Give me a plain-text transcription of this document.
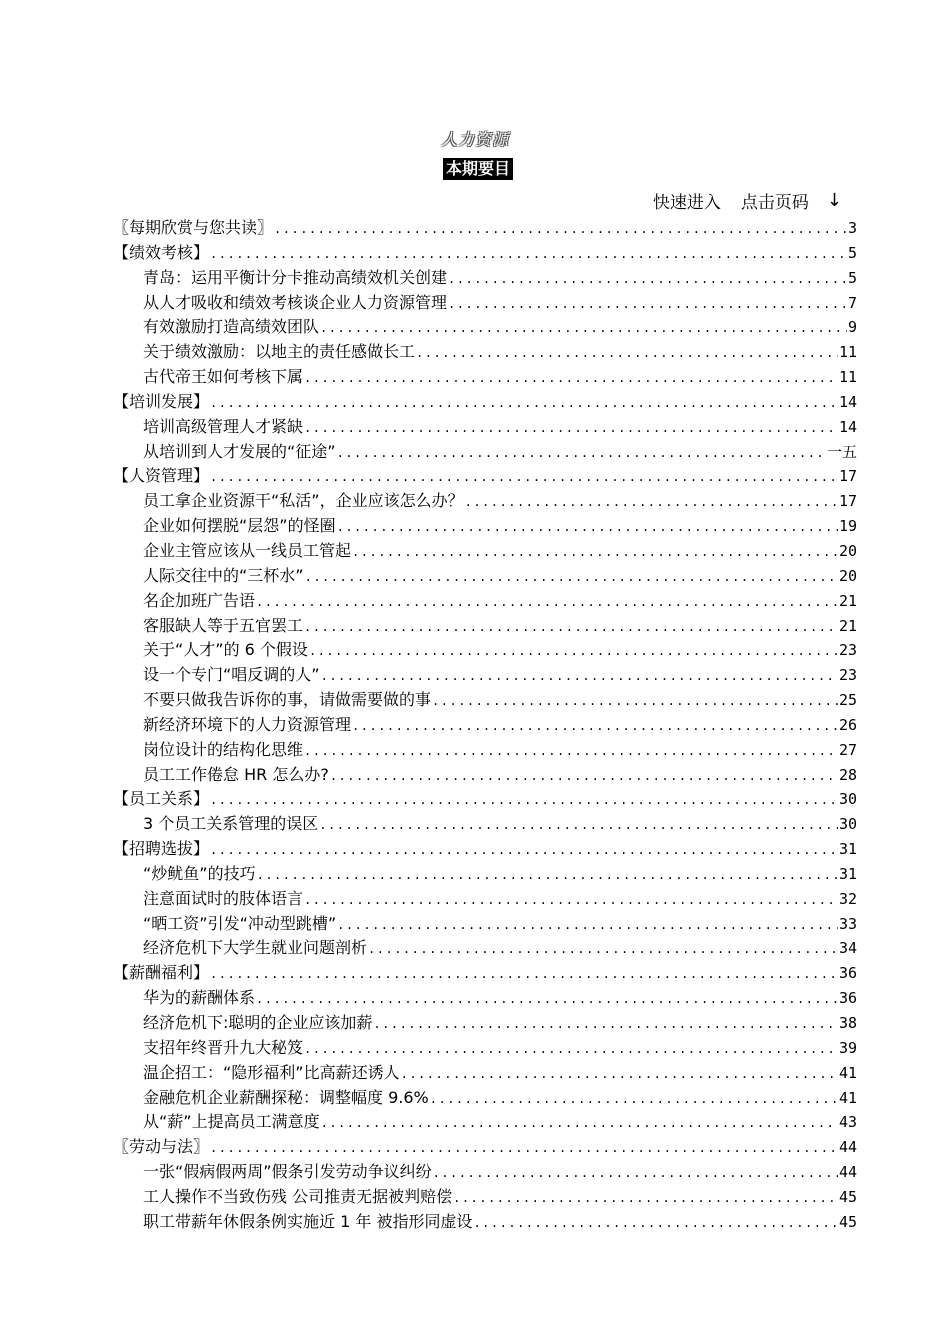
人力资源
本期要目
快速进入 点击页码 ↓
〖每期欣赏与您共读〗 .....	3
【绩效考核】 .....	5
青岛：运用平衡计分卡推动高绩效机关创建 .....	5
从人才吸收和绩效考核谈企业人力资源管理 .....	7
有效激励打造高绩效团队 .....	9
关于绩效激励：以地主的责任感做长工 .....	11
古代帝王如何考核下属 .....	11
【培训发展】 .....	14
培训高级管理人才紧缺 .....	14
从培训到人才发展的“征途” .....	一五
【人资管理】 .....	17
员工拿企业资源干“私活”，企业应该怎么办？ .....	17
企业如何摆脱“层怨”的怪圈 .....	19
企业主管应该从一线员工管起 .....	20
人际交往中的“三杯水” .....	20
名企加班广告语 .....	21
客服缺人等于五官罢工 .....	21
关于“人才”的 6 个假设 .....	23
设一个专门“唱反调的人” .....	23
不要只做我告诉你的事，请做需要做的事 .....	25
新经济环境下的人力资源管理 .....	26
岗位设计的结构化思维 .....	27
员工工作倦怠 HR 怎么办? .....	28
【员工关系】 .....	30
3 个员工关系管理的误区 .....	30
【招聘选拔】 .....	31
“炒鱿鱼”的技巧 .....	31
注意面试时的肢体语言 .....	32
“晒工资”引发“冲动型跳槽” .....	33
经济危机下大学生就业问题剖析 .....	34
【薪酬福利】 .....	36
华为的薪酬体系 .....	36
经济危机下:聪明的企业应该加薪 .....	38
支招年终晋升九大秘笈 .....	39
温企招工：“隐形福利”比高薪还诱人 .....	41
金融危机企业薪酬探秘：调整幅度 9.6% .....	41
从“薪”上提高员工满意度 .....	43
〖劳动与法〗 .....	44
一张“假病假两周”假条引发劳动争议纠纷 .....	44
工人操作不当致伤残 公司推责无据被判赔偿 .....	45
职工带薪年休假条例实施近 1 年 被指形同虚设 .....	45
